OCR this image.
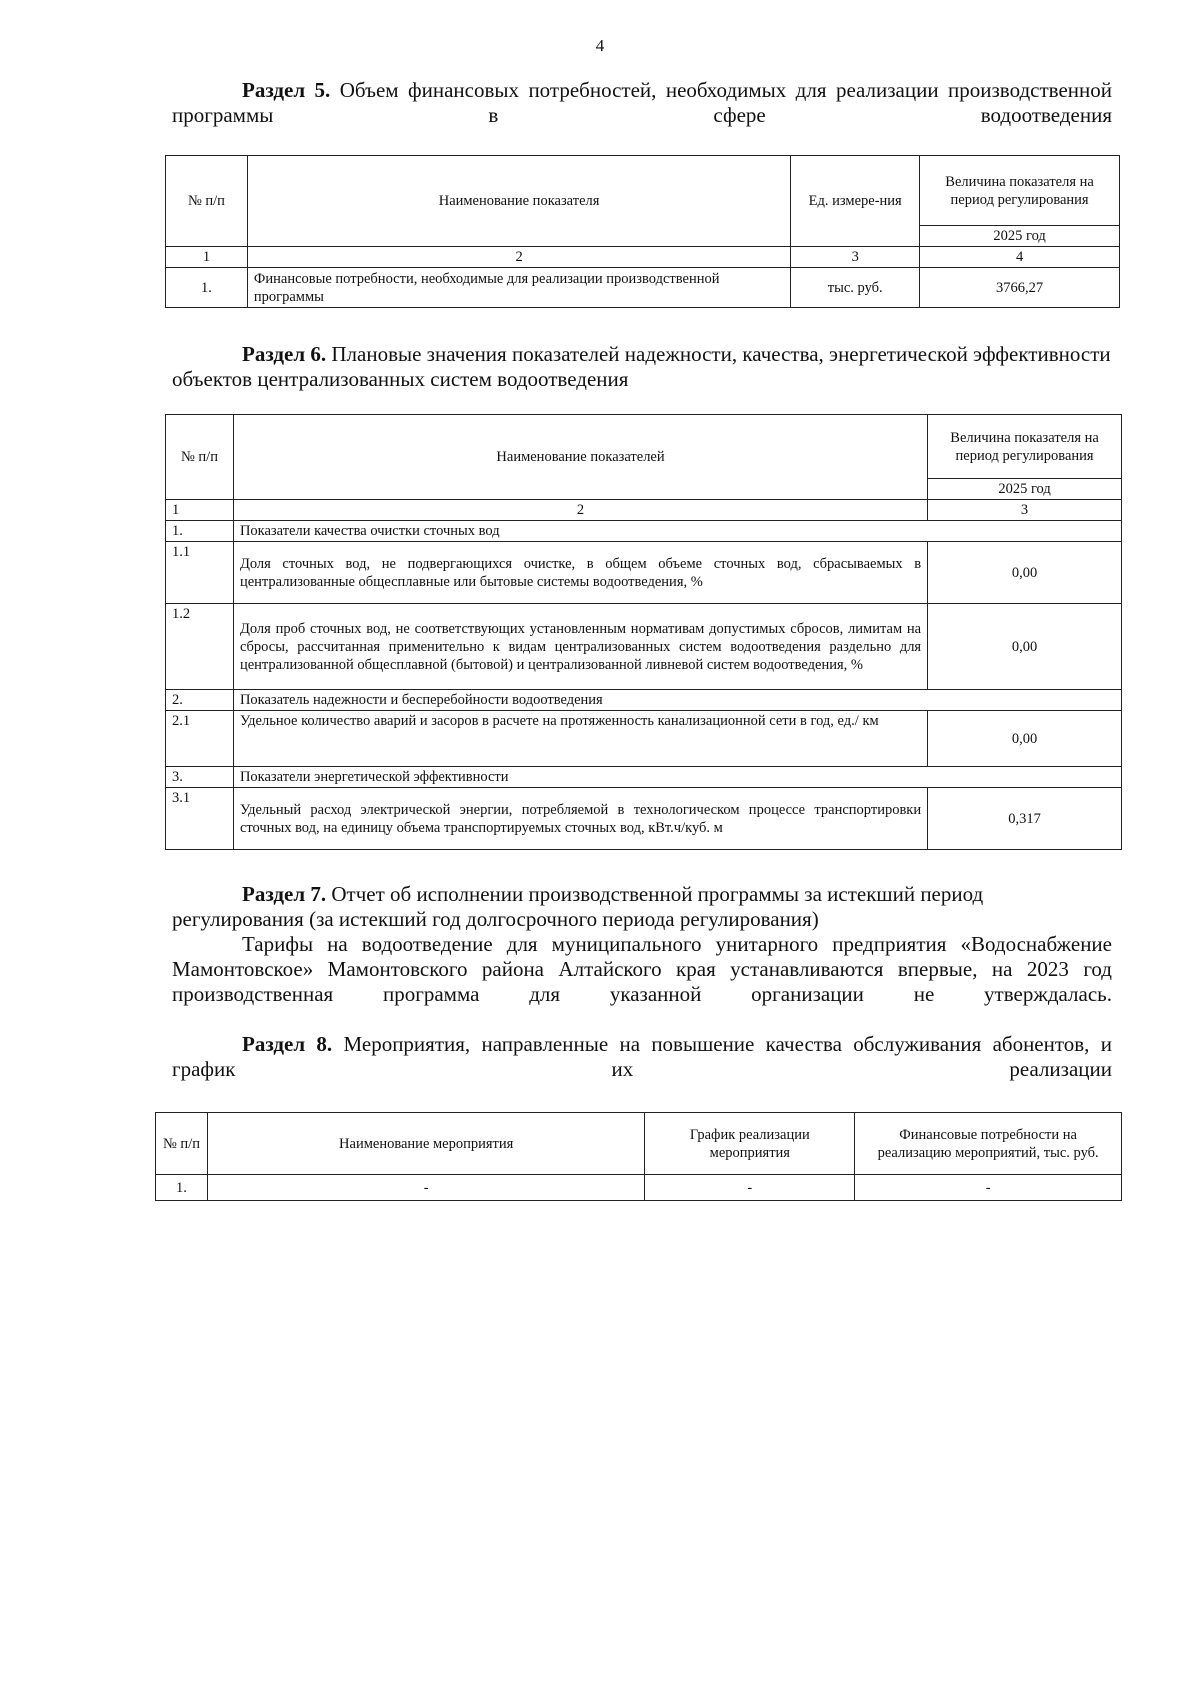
4
Раздел 5. Объем финансовых потребностей, необходимых для реализации производственной программы в сфере водоотведения
№ п/п	Наименование показателя	Ед. измере-ния	Величина показателя на период регулирования
			2025 год
1	2	3	4
1.	Финансовые потребности, необходимые для реализации производственной программы	тыс. руб.	3766,27
Раздел 6. Плановые значения показателей надежности, качества, энергетической эффективности объектов централизованных систем водоотведения
№ п/п	Наименование показателей	Величина показателя на период регулирования
		2025 год
1	2	3
1.	Показатели качества очистки сточных вод	
1.1	Доля сточных вод, не подвергающихся очистке, в общем объеме сточных вод, сбрасываемых в централизованные общесплавные или бытовые системы водоотведения, %	0,00
1.2	Доля проб сточных вод, не соответствующих установленным нормативам допустимых сбросов, лимитам на сбросы, рассчитанная применительно к видам централизованных систем водоотведения раздельно для централизованной общесплавной (бытовой) и централизованной ливневой систем водоотведения, %	0,00
2.	Показатель надежности и бесперебойности водоотведения	
2.1	Удельное количество аварий и засоров в расчете на протяженность канализационной сети в год, ед./ км	0,00
3.	Показатели энергетической эффективности	
3.1	Удельный расход электрической энергии, потребляемой в технологическом процессе транспортировки сточных вод, на единицу объема транспортируемых сточных вод, кВт.ч/куб. м	0,317
Раздел 7. Отчет об исполнении производственной программы за истекший период регулирования (за истекший год долгосрочного периода регулирования)
Тарифы на водоотведение для муниципального унитарного предприятия «Водоснабжение Мамонтовское» Мамонтовского района Алтайского края устанавливаются впервые, на 2023 год производственная программа для указанной организации не утверждалась.
Раздел 8. Мероприятия, направленные на повышение качества обслуживания абонентов, и график их реализации
№ п/п	Наименование мероприятия	График реализации мероприятия	Финансовые потребности на реализацию мероприятий, тыс. руб.
1.	-	-	-
